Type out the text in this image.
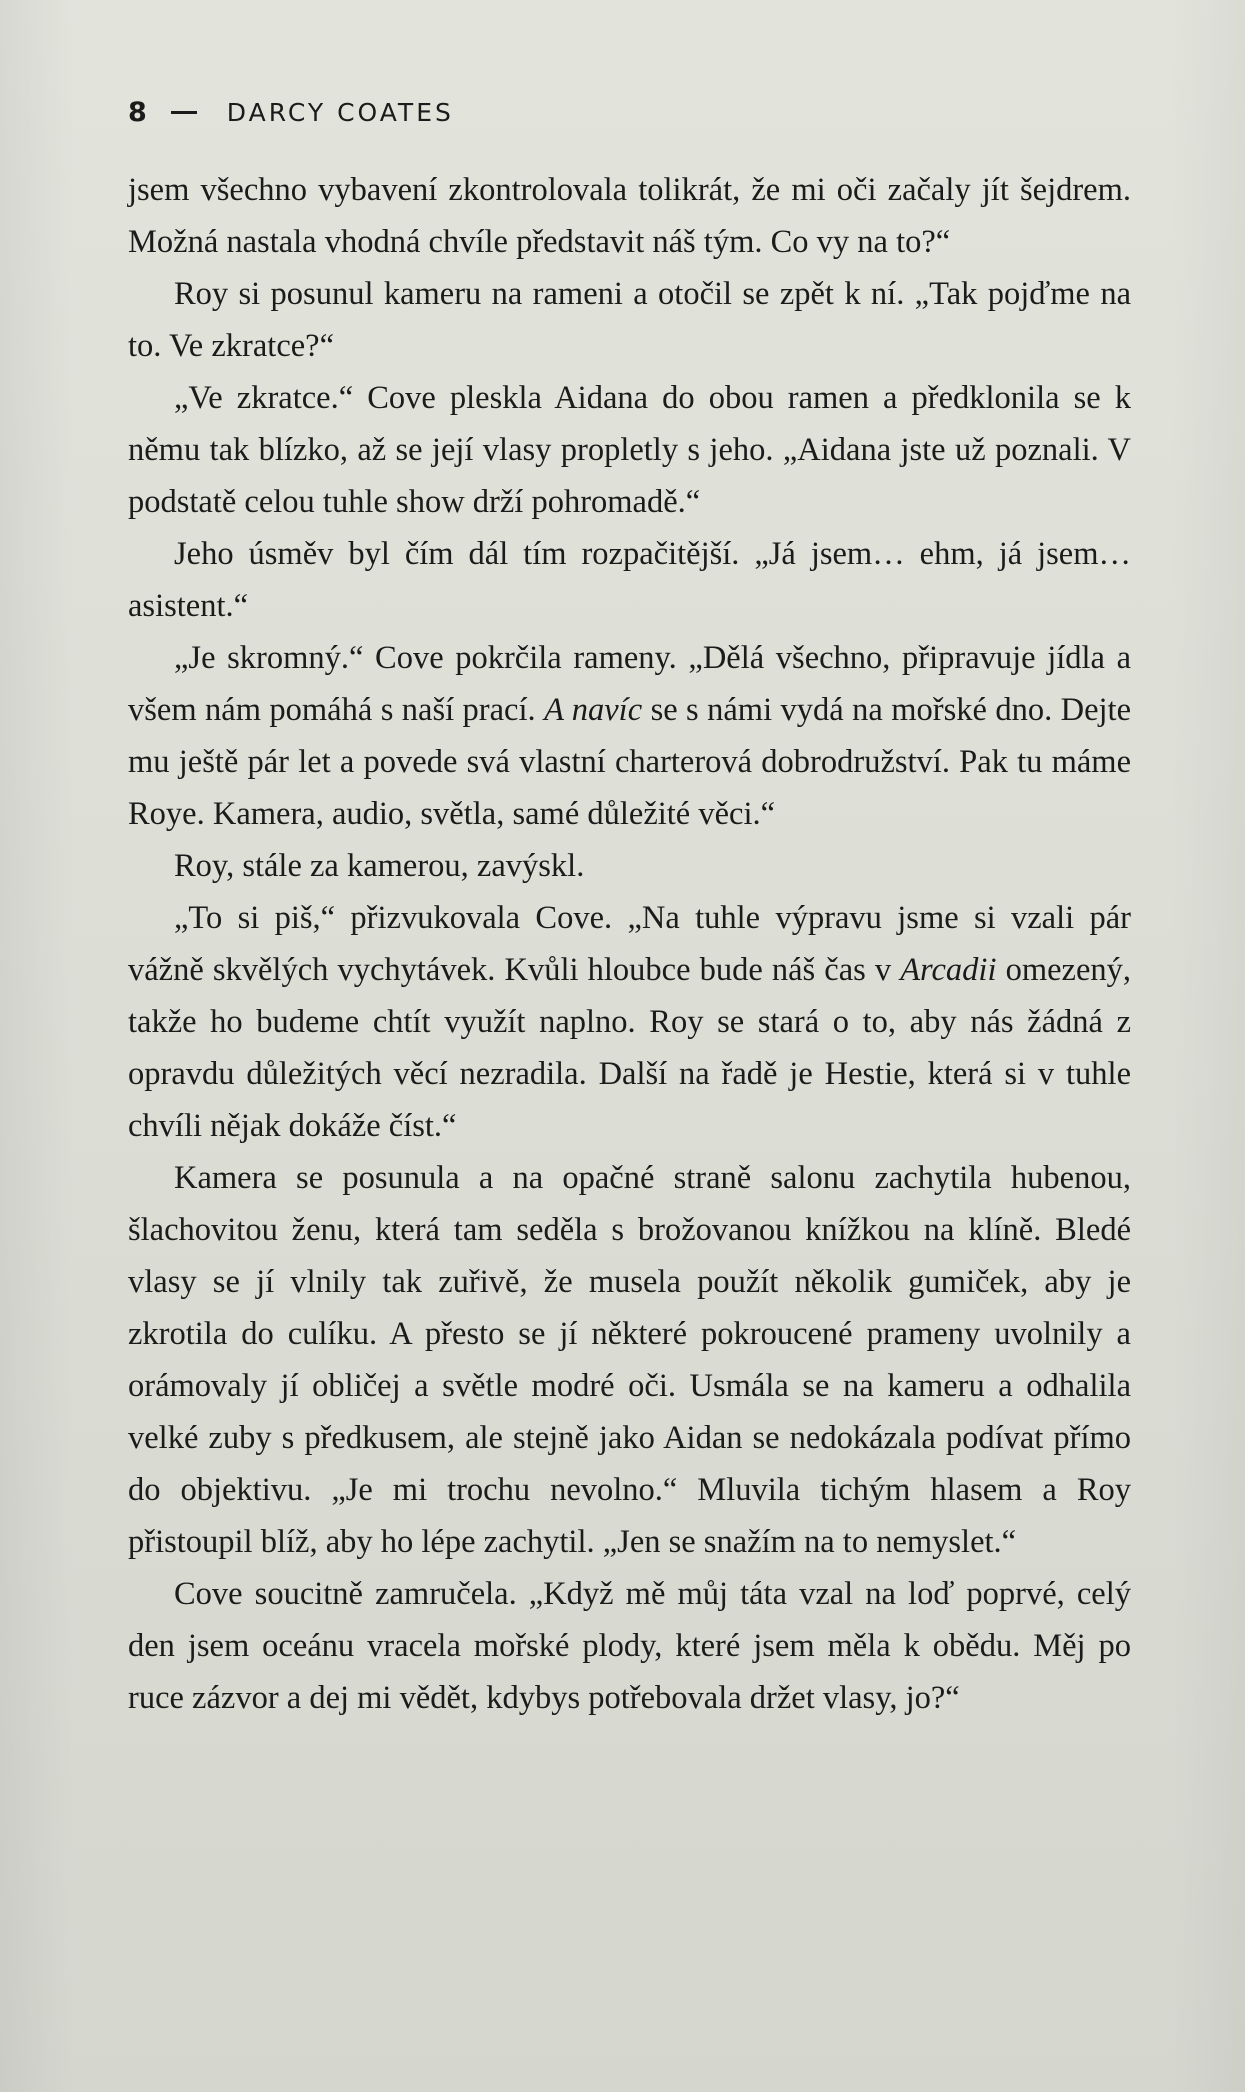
8	DARCY COATES

jsem všechno vybavení zkontrolovala tolikrát, že mi oči začaly jít šejdrem. Možná nastala vhodná chvíle představit náš tým. Co vy na to?“

Roy si posunul kameru na rameni a otočil se zpět k ní. „Tak pojďme na to. Ve zkratce?“

„Ve zkratce.“ Cove pleskla Aidana do obou ramen a předklonila se k němu tak blízko, až se její vlasy propletly s jeho. „Aidana jste už poznali. V podstatě celou tuhle show drží pohromadě.“

Jeho úsměv byl čím dál tím rozpačitější. „Já jsem… ehm, já jsem… asistent.“

„Je skromný.“ Cove pokrčila rameny. „Dělá všechno, připravuje jídla a všem nám pomáhá s naší prací. A navíc se s námi vydá na mořské dno. Dejte mu ještě pár let a povede svá vlastní charterová dobrodružství. Pak tu máme Roye. Kamera, audio, světla, samé důležité věci.“

Roy, stále za kamerou, zavýskl.

„To si piš,“ přizvukovala Cove. „Na tuhle výpravu jsme si vzali pár vážně skvělých vychytávek. Kvůli hloubce bude náš čas v Arcadii omezený, takže ho budeme chtít využít naplno. Roy se stará o to, aby nás žádná z opravdu důležitých věcí nezradila. Další na řadě je Hestie, která si v tuhle chvíli nějak dokáže číst.“

Kamera se posunula a na opačné straně salonu zachytila hubenou, šlachovitou ženu, která tam seděla s brožovanou knížkou na klíně. Bledé vlasy se jí vlnily tak zuřivě, že musela použít několik gumiček, aby je zkrotila do culíku. A přesto se jí některé pokroucené prameny uvolnily a orámovaly jí obličej a světle modré oči. Usmála se na kameru a odhalila velké zuby s předkusem, ale stejně jako Aidan se nedokázala podívat přímo do objektivu. „Je mi trochu nevolno.“ Mluvila tichým hlasem a Roy přistoupil blíž, aby ho lépe zachytil. „Jen se snažím na to nemyslet.“

Cove soucitně zamručela. „Když mě můj táta vzal na loď poprvé, celý den jsem oceánu vracela mořské plody, které jsem měla k obědu. Měj po ruce zázvor a dej mi vědět, kdybys potřebovala držet vlasy, jo?“
